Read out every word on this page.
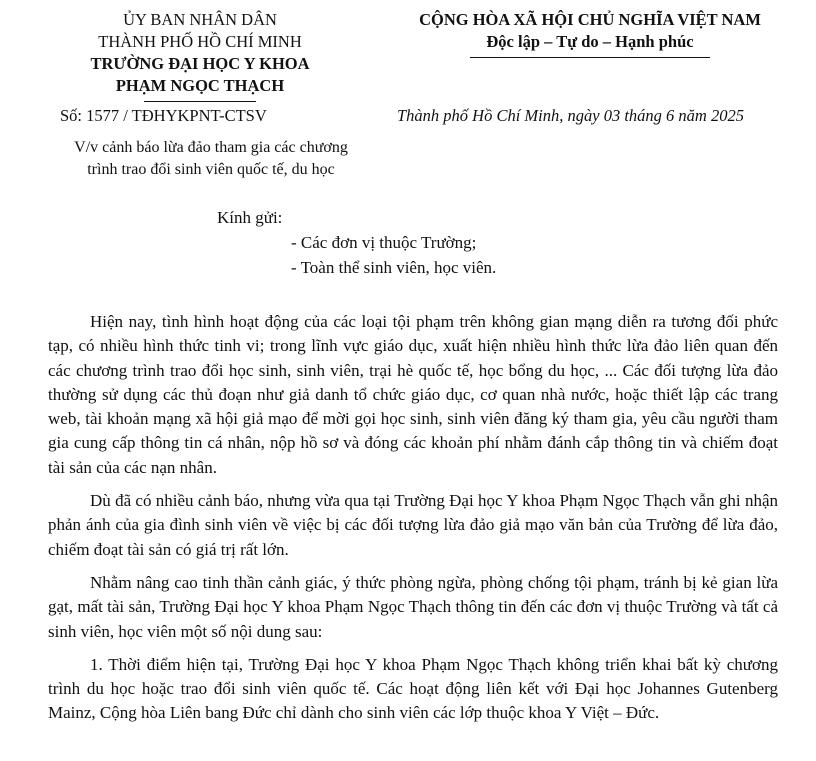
ỦY BAN NHÂN DÂN
THÀNH PHỐ HỒ CHÍ MINH
TRƯỜNG ĐẠI HỌC Y KHOA
PHẠM NGỌC THẠCH
CỘNG HÒA XÃ HỘI CHỦ NGHĨA VIỆT NAM
Độc lập – Tự do – Hạnh phúc
Số: 1577 / TĐHYKPNT-CTSV	Thành phố Hồ Chí Minh, ngày 03 tháng 6 năm 2025
V/v cảnh báo lừa đảo tham gia các chương
trình trao đổi sinh viên quốc tế, du học
Kính gửi:
- Các đơn vị thuộc Trường;
- Toàn thể sinh viên, học viên.

Hiện nay, tình hình hoạt động của các loại tội phạm trên không gian mạng diễn ra tương đối phức tạp, có nhiều hình thức tinh vi; trong lĩnh vực giáo dục, xuất hiện nhiều hình thức lừa đảo liên quan đến các chương trình trao đổi học sinh, sinh viên, trại hè quốc tế, học bổng du học, ... Các đối tượng lừa đảo thường sử dụng các thủ đoạn như giả danh tổ chức giáo dục, cơ quan nhà nước, hoặc thiết lập các trang web, tài khoản mạng xã hội giả mạo để mời gọi học sinh, sinh viên đăng ký tham gia, yêu cầu người tham gia cung cấp thông tin cá nhân, nộp hồ sơ và đóng các khoản phí nhằm đánh cắp thông tin và chiếm đoạt tài sản của các nạn nhân.

Dù đã có nhiều cảnh báo, nhưng vừa qua tại Trường Đại học Y khoa Phạm Ngọc Thạch vẫn ghi nhận phản ánh của gia đình sinh viên về việc bị các đối tượng lừa đảo giả mạo văn bản của Trường để lừa đảo, chiếm đoạt tài sản có giá trị rất lớn.

Nhằm nâng cao tinh thần cảnh giác, ý thức phòng ngừa, phòng chống tội phạm, tránh bị kẻ gian lừa gạt, mất tài sản, Trường Đại học Y khoa Phạm Ngọc Thạch thông tin đến các đơn vị thuộc Trường và tất cả sinh viên, học viên một số nội dung sau:

1. Thời điểm hiện tại, Trường Đại học Y khoa Phạm Ngọc Thạch không triển khai bất kỳ chương trình du học hoặc trao đổi sinh viên quốc tế. Các hoạt động liên kết với Đại học Johannes Gutenberg Mainz, Cộng hòa Liên bang Đức chỉ dành cho sinh viên các lớp thuộc khoa Y Việt – Đức.
